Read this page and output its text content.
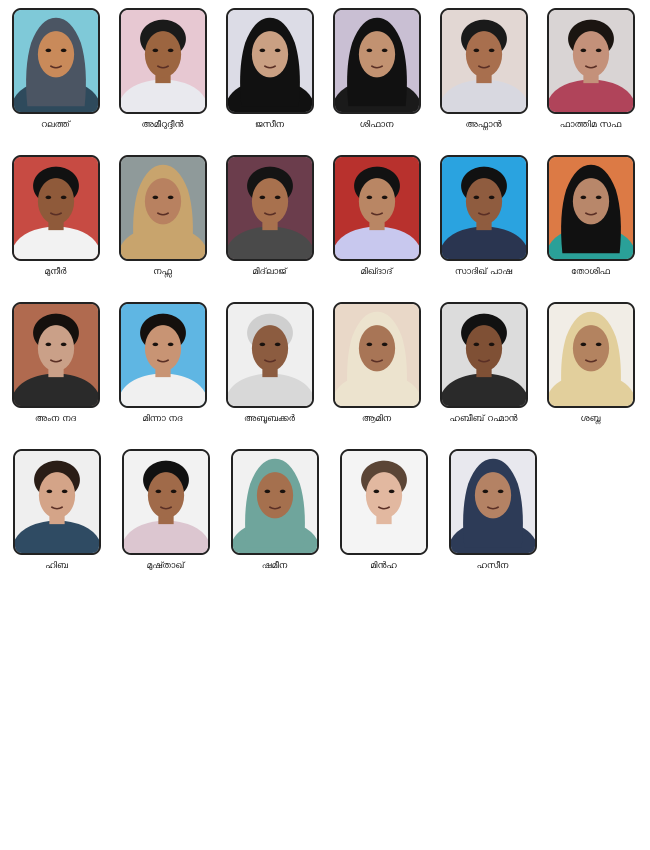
റലത്ത്	അമീറുദ്ദീൻ	ജസീന	ശിഫാന	അഫ്നാൻ	ഫാത്തിമ സഫ
മുനീർ	നഫ്സ	മിദ്‌ലാജ്	മിഖ്ദാദ്	സാദിഖ് പാഷ	തോശിഫ
അംന നദ	മിന്നാ നദ	അബൂബക്കർ	ആമിന	ഹബീബ് റഹ്മാൻ	ശബ്ന
ഹിബ	മുഷ്താഖ്	ഷമീന	മിൻഹ	ഹസീന
